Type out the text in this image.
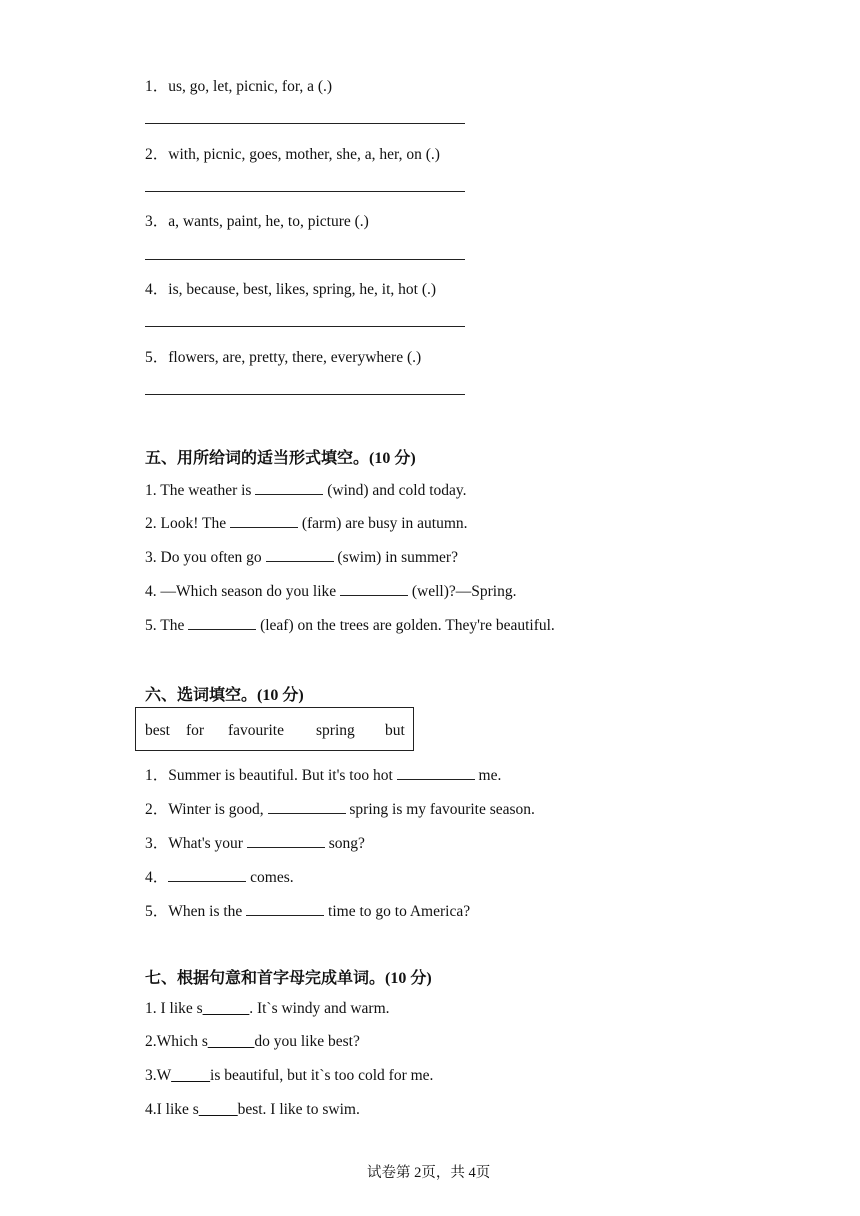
1．us, go, let, picnic, for, a (.)
2．with, picnic, goes, mother, she, a, her, on (.)
3．a, wants, paint, he, to, picture (.)
4．is, because, best, likes, spring, he, it, hot (.)
5．flowers, are, pretty, there, everywhere (.)
五、用所给词的适当形式填空。(10 分)
1. The weather is	(wind) and cold today.
2. Look! The	(farm) are busy in autumn.
3. Do you often go	(swim) in summer?
4. —Which season do you like	(well)?—Spring.
5. The	(leaf) on the trees are golden. They're beautiful.
六、选词填空。(10 分)
best for favourite spring but
1．Summer is beautiful. But it's too hot	me.
2．Winter is good,	spring is my favourite season.
3．What's your	song?
4．	comes.
5．When is the	time to go to America?
七、根据句意和首字母完成单词。(10 分)
1. I like s______. It`s windy and warm.
2.Which s______do you like best?
3.W_____is beautiful, but it`s too cold for me.
4.I like s_____best. I like to swim.
试卷第 2页，共 4页
